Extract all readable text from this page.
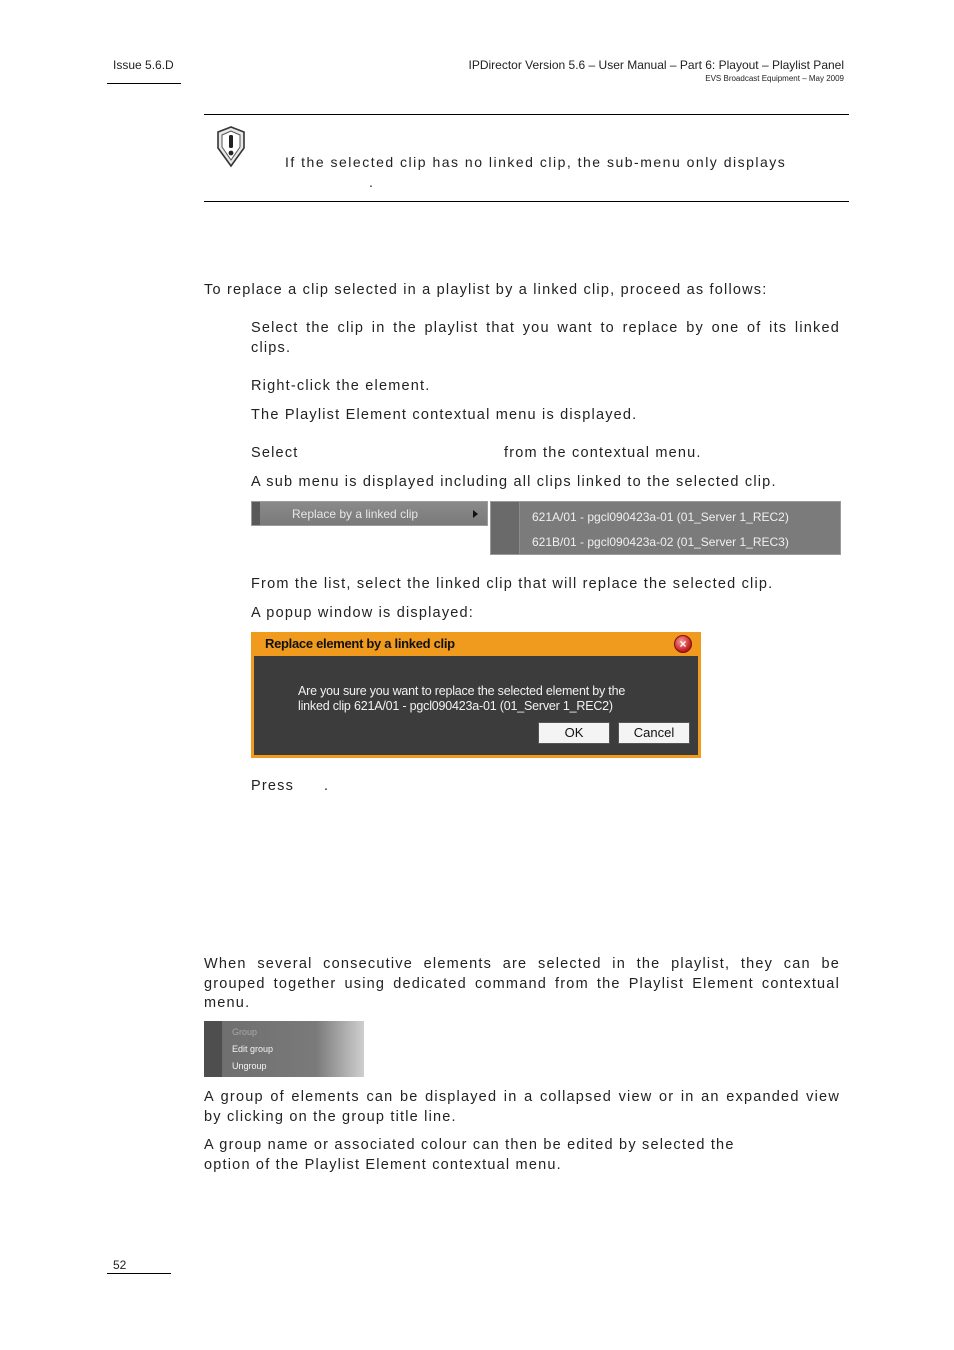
Issue 5.6.D	IPDirector Version 5.6 – User Manual – Part 6: Playout – Playlist Panel
EVS Broadcast Equipment – May 2009
If the selected clip has no linked clip, the sub-menu only displays
.
To replace a clip selected in a playlist by a linked clip, proceed as follows:
Select the clip in the playlist that you want to replace by one of its linked clips.
Right-click the element.
The Playlist Element contextual menu is displayed.
Select	from the contextual menu.
A sub menu is displayed including all clips linked to the selected clip.
Replace by a linked clip	621A/01 - pgcl090423a-01 (01_Server 1_REC2)
621B/01 - pgcl090423a-02 (01_Server 1_REC3)
From the list, select the linked clip that will replace the selected clip.
A popup window is displayed:
Replace element by a linked clip	×
Are you sure you want to replace the selected element by the
linked clip 621A/01 - pgcl090423a-01 (01_Server 1_REC2)
OK	Cancel
Press .
When several consecutive elements are selected in the playlist, they can be grouped together using dedicated command from the Playlist Element contextual menu.
Group
Edit group
Ungroup
A group of elements can be displayed in a collapsed view or in an expanded view by clicking on the group title line.
A group name or associated colour can then be edited by selected the
option of the Playlist Element contextual menu.
52
